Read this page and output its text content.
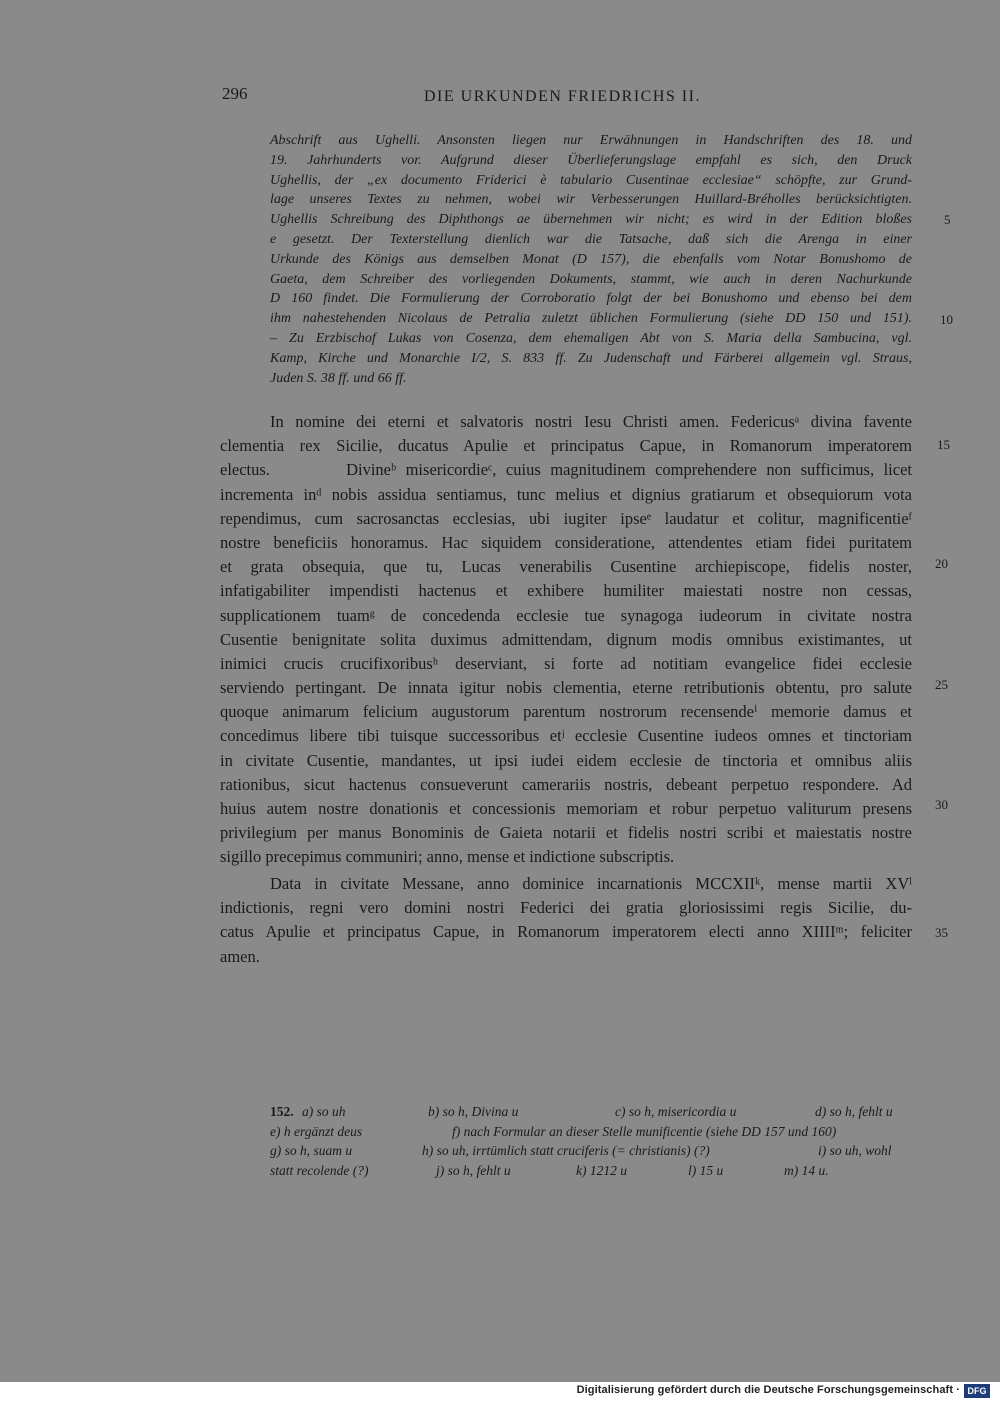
296	DIE URKUNDEN FRIEDRICHS II.
Abschrift aus Ughelli. Ansonsten liegen nur Erwähnungen in Handschriften des 18. und
19. Jahrhunderts vor. Aufgrund dieser Überlieferungslage empfahl es sich, den Druck
Ughellis, der „ex documento Friderici è tabulario Cusentinae ecclesiae“ schöpfte, zur Grund-
lage unseres Textes zu nehmen, wobei wir Verbesserungen Huillard-Bréholles berücksichtigten.
Ughellis Schreibung des Diphthongs ae übernehmen wir nicht; es wird in der Edition bloßes
e gesetzt. Der Texterstellung dienlich war die Tatsache, daß sich die Arenga in einer
Urkunde des Königs aus demselben Monat (D 157), die ebenfalls vom Notar Bonushomo de
Gaeta, dem Schreiber des vorliegenden Dokuments, stammt, wie auch in deren Nachurkunde
D 160 findet. Die Formulierung der Corroboratio folgt der bei Bonushomo und ebenso bei dem
ihm nahestehenden Nicolaus de Petralia zuletzt üblichen Formulierung (siehe DD 150 und 151).
– Zu Erzbischof Lukas von Cosenza, dem ehemaligen Abt von S. Maria della Sambucina, vgl.
Kamp, Kirche und Monarchie I/2, S. 833 ff. Zu Judenschaft und Färberei allgemein vgl. Straus,
Juden S. 38 ff. und 66 ff.
In nomine dei eterni et salvatoris nostri Iesu Christi amen. Federicusᵃ divina favente
clementia rex Sicilie, ducatus Apulie et principatus Capue, in Romanorum imperatorem
electus.        Divineᵇ misericordieᶜ, cuius magnitudinem comprehendere non sufficimus, licet
incrementa inᵈ nobis assidua sentiamus, tunc melius et dignius gratiarum et obsequiorum vota
rependimus, cum sacrosanctas ecclesias, ubi iugiter ipseᵉ laudatur et colitur, magnificentieᶠ
nostre beneficiis honoramus. Hac siquidem consideratione, attendentes etiam fidei puritatem
et grata obsequia, que tu, Lucas venerabilis Cusentine archiepiscope, fidelis noster,
infatigabiliter impendisti hactenus et exhibere humiliter maiestati nostre non cessas,
supplicationem tuamᵍ de concedenda ecclesie tue synagoga iudeorum in civitate nostra
Cusentie benignitate solita duximus admittendam, dignum modis omnibus existimantes, ut
inimici crucis crucifixoribusʰ deserviant, si forte ad notitiam evangelice fidei ecclesie
serviendo pertingant. De innata igitur nobis clementia, eterne retributionis obtentu, pro salute
quoque animarum felicium augustorum parentum nostrorum recensendeⁱ memorie damus et
concedimus libere tibi tuisque successoribus etʲ ecclesie Cusentine iudeos omnes et tinctoriam
in civitate Cusentie, mandantes, ut ipsi iudei eidem ecclesie de tinctoria et omnibus aliis
rationibus, sicut hactenus consueverunt camerariis nostris, debeant perpetuo respondere. Ad
huius autem nostre donationis et concessionis memoriam et robur perpetuo valiturum presens
privilegium per manus Bonominis de Gaieta notarii et fidelis nostri scribi et maiestatis nostre
sigillo precepimus communiri; anno, mense et indictione subscriptis.
Data in civitate Messane, anno dominice incarnationis MCCXIIᵏ, mense martii XVˡ
indictionis, regni vero domini nostri Federici dei gratia gloriosissimi regis Sicilie, du-
catus Apulie et principatus Capue, in Romanorum imperatorem electi anno XIIIIᵐ; feliciter
amen.
5
10
15
20
25
30
35
152. a) so uh	b) so h, Divina u	c) so h, misericordia u	d) so h, fehlt u
e) h ergänzt deus	f) nach Formular an dieser Stelle munificentie (siehe DD 157 und 160)
g) so h, suam u	h) so uh, irrtümlich statt cruciferis (= christianis) (?)	i) so uh, wohl
statt recolende (?)	j) so h, fehlt u	k) 1212 u	l) 15 u	m) 14 u.
Digitalisierung gefördert durch die Deutsche Forschungsgemeinschaft · DFG
